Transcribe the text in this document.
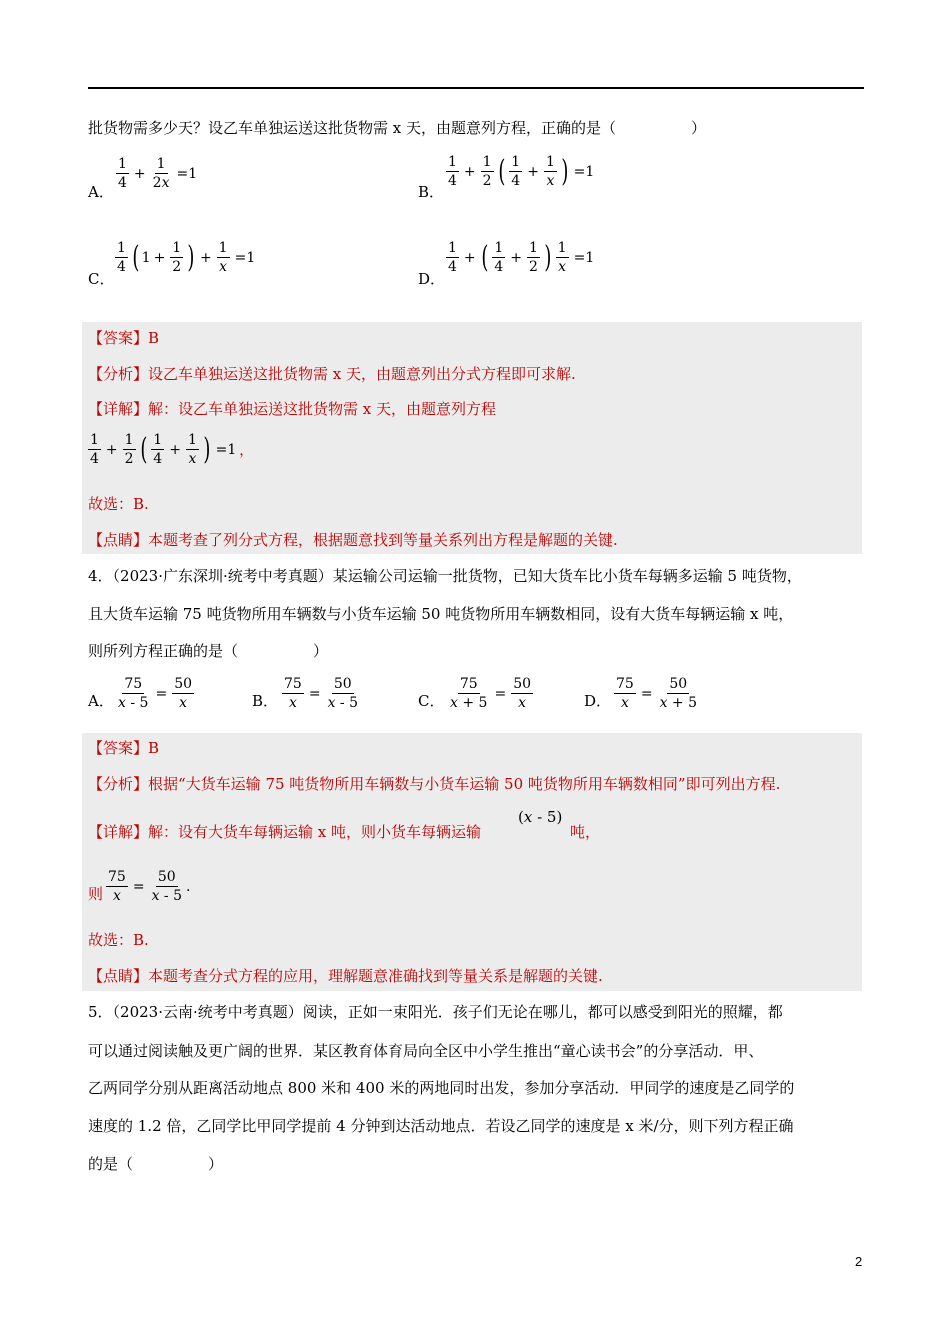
批货物需多少天？设乙车单独运送这批货物需 x 天，由题意列方程，正确的是（　　　　　）
A．
$\frac{1}{4} + \frac{1}{2x} =1$
B．
$\frac{1}{4} + \frac{1}{2}$ ( $\frac{1}{4} + \frac{1}{x}$ ) =1
C．
$\frac{1}{4}$ ( $1 + \frac{1}{2}$ ) + $\frac{1}{x} =1$
D．
$\frac{1}{4}$ + ( $\frac{1}{4} + \frac{1}{2}$ ) $\frac{1}{x} =1$
【答案】B
【分析】设乙车单独运送这批货物需 x 天，由题意列出分式方程即可求解.
【详解】解：设乙车单独运送这批货物需 x 天，由题意列方程
$\frac{1}{4} + \frac{1}{2}$ ( $\frac{1}{4} + \frac{1}{x}$ ) =1 ，
故选：B.
【点睛】本题考查了列分式方程，根据题意找到等量关系列出方程是解题的关键.
4．（2023·广东深圳·统考中考真题）某运输公司运输一批货物，已知大货车比小货车每辆多运输 5 吨货物，
且大货车运输 75 吨货物所用车辆数与小货车运输 50 吨货物所用车辆数相同，设有大货车每辆运输 x 吨，
则所列方程正确的是（　　　　　）
A． $\frac{75}{x - 5} = \frac{50}{x}$	B． $\frac{75}{x} = \frac{50}{x - 5}$	C． $\frac{75}{x + 5} = \frac{50}{x}$	D． $\frac{75}{x} = \frac{50}{x + 5}$
【答案】B
【分析】根据“大货车运输 75 吨货物所用车辆数与小货车运输 50 吨货物所用车辆数相同”即可列出方程.
【详解】解：设有大货车每辆运输 x 吨，则小货车每辆运输
( x - 5)
吨，
则 $\frac{75}{x} = \frac{50}{x - 5}$ .
故选：B.
【点睛】本题考查分式方程的应用，理解题意准确找到等量关系是解题的关键.
5．（2023·云南·统考中考真题）阅读，正如一束阳光．孩子们无论在哪儿，都可以感受到阳光的照耀，都
可以通过阅读触及更广阔的世界．某区教育体育局向全区中小学生推出“童心读书会”的分享活动．甲、
乙两同学分别从距离活动地点 800 米和 400 米的两地同时出发，参加分享活动．甲同学的速度是乙同学的
速度的 1.2 倍，乙同学比甲同学提前 4 分钟到达活动地点．若设乙同学的速度是 x 米/分，则下列方程正确
的是（　　　　　）
2
